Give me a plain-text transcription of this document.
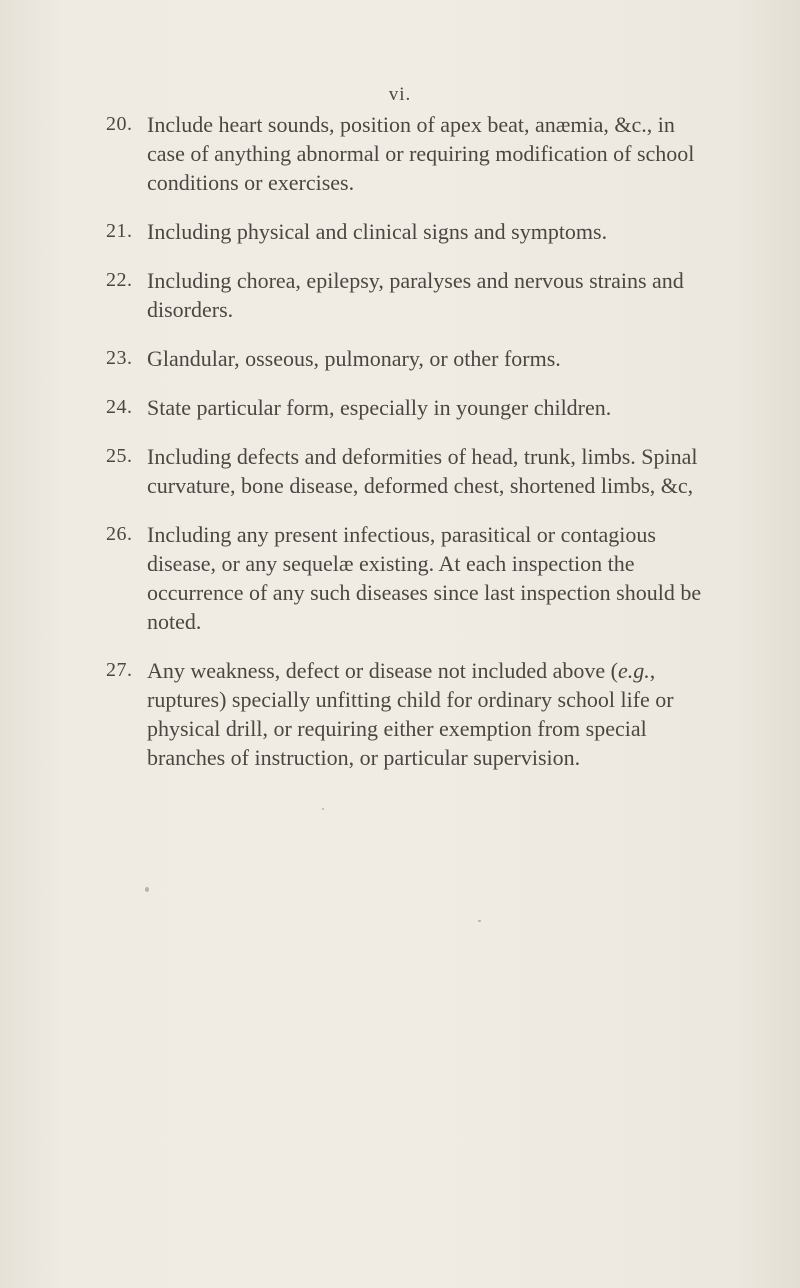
vi.
20. Include heart sounds, position of apex beat, anæmia, &c., in case of anything abnormal or requiring modification of school conditions or exercises.
21. Including physical and clinical signs and symptoms.
22. Including chorea, epilepsy, paralyses and nervous strains and disorders.
23. Glandular, osseous, pulmonary, or other forms.
24. State particular form, especially in younger children.
25. Including defects and deformities of head, trunk, limbs. Spinal curvature, bone disease, deformed chest, shortened limbs, &c,
26. Including any present infectious, parasitical or contagious disease, or any sequelæ existing. At each inspection the occurrence of any such diseases since last inspection should be noted.
27. Any weakness, defect or disease not included above (e.g., ruptures) specially unfitting child for ordinary school life or physical drill, or requiring either exemption from special branches of instruction, or particular supervision.
